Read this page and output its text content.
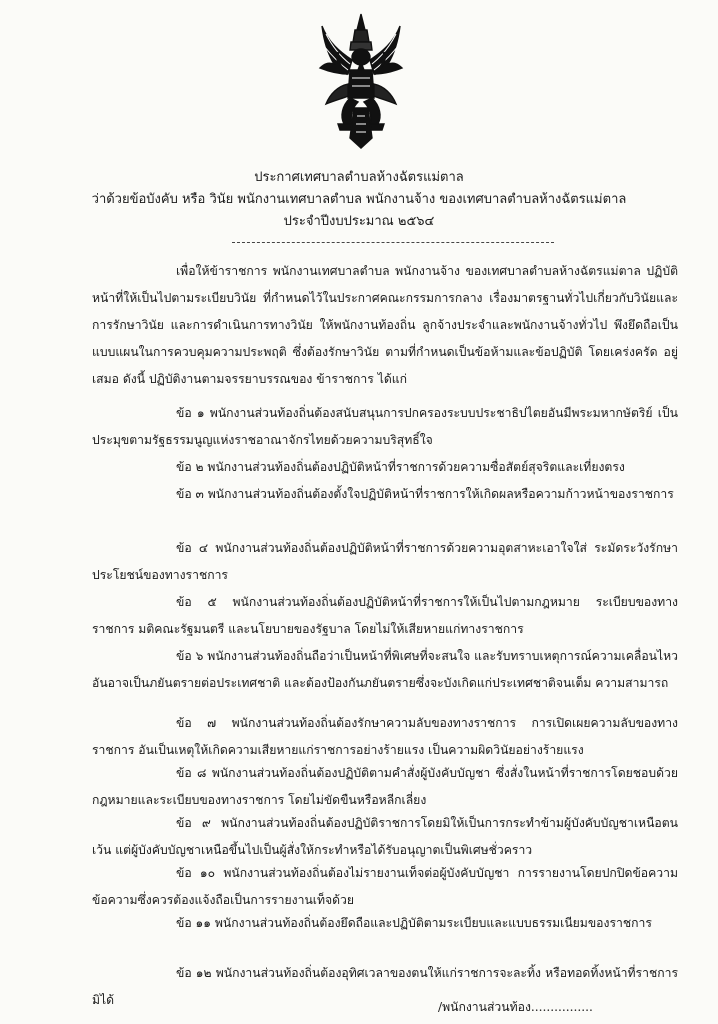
ประกาศเทศบาลตำบลห้างฉัตรแม่ตาล
ว่าด้วยข้อบังคับ หรือ วินัย พนักงานเทศบาลตำบล พนักงานจ้าง ของเทศบาลตำบลห้างฉัตรแม่ตาล
ประจำปีงบประมาณ ๒๕๖๔

เพื่อให้ข้าราชการ พนักงานเทศบาลตำบล พนักงานจ้าง ของเทศบาลตำบลห้างฉัตรแม่ตาล ปฏิบัติหน้าที่ให้เป็นไปตามระเบียบวินัย ที่กำหนดไว้ในประกาศคณะกรรมการกลาง เรื่องมาตรฐานทั่วไปเกี่ยวกับวินัยและการรักษาวินัย และการดำเนินการทางวินัย ให้พนักงานท้องถิ่น ลูกจ้างประจำและพนักงานจ้างทั่วไป พึงยึดถือเป็นแบบแผนในการควบคุมความประพฤติ ซึ่งต้องรักษาวินัย ตามที่กำหนดเป็นข้อห้ามและข้อปฏิบัติ โดยเคร่งครัด อยู่เสมอ ดังนี้ ปฏิบัติงานตามจรรยาบรรณของ ข้าราชการ ได้แก่

ข้อ ๑ พนักงานส่วนท้องถิ่นต้องสนับสนุนการปกครองระบบประชาธิปไตยอันมีพระมหากษัตริย์ เป็น ประมุขตามรัฐธรรมนูญแห่งราชอาณาจักรไทยด้วยความบริสุทธิ์ใจ

ข้อ ๒ พนักงานส่วนท้องถิ่นต้องปฏิบัติหน้าที่ราชการด้วยความซื่อสัตย์สุจริตและเที่ยงตรง

ข้อ ๓ พนักงานส่วนท้องถิ่นต้องตั้งใจปฏิบัติหน้าที่ราชการให้เกิดผลหรือความก้าวหน้าของราชการ

ข้อ ๔ พนักงานส่วนท้องถิ่นต้องปฏิบัติหน้าที่ราชการด้วยความอุตสาหะเอาใจใส่ ระมัดระวังรักษา ประโยชน์ของทางราชการ

ข้อ ๕ พนักงานส่วนท้องถิ่นต้องปฏิบัติหน้าที่ราชการให้เป็นไปตามกฎหมาย ระเบียบของทางราชการ มติคณะรัฐมนตรี และนโยบายของรัฐบาล โดยไม่ให้เสียหายแก่ทางราชการ

ข้อ ๖ พนักงานส่วนท้องถิ่นถือว่าเป็นหน้าที่พิเศษที่จะสนใจ และรับทราบเหตุการณ์ความเคลื่อนไหว อันอาจเป็นภยันตรายต่อประเทศชาติ และต้องป้องกันภยันตรายซึ่งจะบังเกิดแก่ประเทศชาติจนเต็ม ความสามารถ

ข้อ ๗ พนักงานส่วนท้องถิ่นต้องรักษาความลับของทางราชการ การเปิดเผยความลับของทางราชการ อันเป็นเหตุให้เกิดความเสียหายแก่ราชการอย่างร้ายแรง เป็นความผิดวินัยอย่างร้ายแรง

ข้อ ๘ พนักงานส่วนท้องถิ่นต้องปฏิบัติตามคำสั่งผู้บังคับบัญชา ซึ่งสั่งในหน้าที่ราชการโดยชอบด้วย กฎหมายและระเบียบของทางราชการ โดยไม่ขัดขืนหรือหลีกเลี่ยง

ข้อ ๙ พนักงานส่วนท้องถิ่นต้องปฏิบัติราชการโดยมิให้เป็นการกระทำข้ามผู้บังคับบัญชาเหนือตน เว้น แต่ผู้บังคับบัญชาเหนือขึ้นไปเป็นผู้สั่งให้กระทำหรือได้รับอนุญาตเป็นพิเศษชั่วคราว

ข้อ ๑๐ พนักงานส่วนท้องถิ่นต้องไม่รายงานเท็จต่อผู้บังคับบัญชา การรายงานโดยปกปิดข้อความ ข้อความซึ่งควรต้องแจ้งถือเป็นการรายงานเท็จด้วย

ข้อ ๑๑ พนักงานส่วนท้องถิ่นต้องยึดถือและปฏิบัติตามระเบียบและแบบธรรมเนียมของราชการ

ข้อ ๑๒ พนักงานส่วนท้องถิ่นต้องอุทิศเวลาของตนให้แก่ราชการจะละทิ้ง หรือทอดทิ้งหน้าที่ราชการ มิได้	/พนักงานส่วนท้อง................
